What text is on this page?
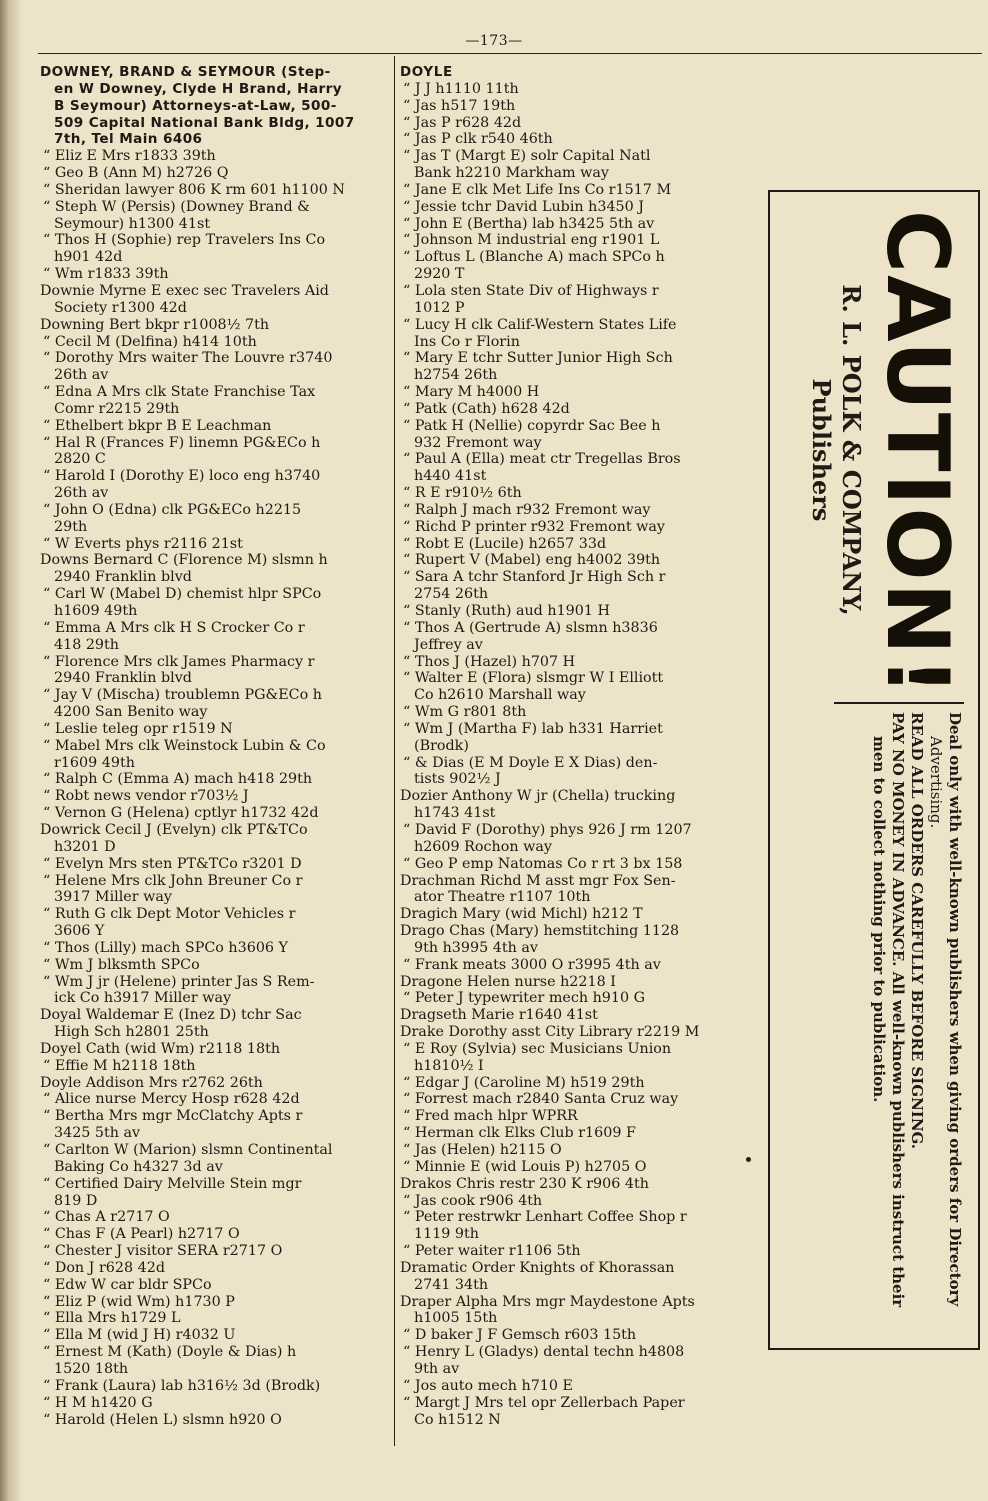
—173—
DOWNEY, BRAND & SEYMOUR (Step-
en W Downey, Clyde H Brand, Harry
B Seymour) Attorneys-at-Law, 500-
509 Capital National Bank Bldg, 1007
7th, Tel Main 6406
“ Eliz E Mrs r1833 39th
“ Geo B (Ann M) h2726 Q
“ Sheridan lawyer 806 K rm 601 h1100 N
“ Steph W (Persis) (Downey Brand &
Seymour) h1300 41st
“ Thos H (Sophie) rep Travelers Ins Co
h901 42d
“ Wm r1833 39th
Downie Myrne E exec sec Travelers Aid
Society r1300 42d
Downing Bert bkpr r1008½ 7th
“ Cecil M (Delfina) h414 10th
“ Dorothy Mrs waiter The Louvre r3740
26th av
“ Edna A Mrs clk State Franchise Tax
Comr r2215 29th
“ Ethelbert bkpr B E Leachman
“ Hal R (Frances F) linemn PG&ECo h
2820 C
“ Harold I (Dorothy E) loco eng h3740
26th av
“ John O (Edna) clk PG&ECo h2215
29th
“ W Everts phys r2116 21st
Downs Bernard C (Florence M) slsmn h
2940 Franklin blvd
“ Carl W (Mabel D) chemist hlpr SPCo
h1609 49th
“ Emma A Mrs clk H S Crocker Co r
418 29th
“ Florence Mrs clk James Pharmacy r
2940 Franklin blvd
“ Jay V (Mischa) troublemn PG&ECo h
4200 San Benito way
“ Leslie teleg opr r1519 N
“ Mabel Mrs clk Weinstock Lubin & Co
r1609 49th
“ Ralph C (Emma A) mach h418 29th
“ Robt news vendor r703½ J
“ Vernon G (Helena) cptlyr h1732 42d
Dowrick Cecil J (Evelyn) clk PT&TCo
h3201 D
“ Evelyn Mrs sten PT&TCo r3201 D
“ Helene Mrs clk John Breuner Co r
3917 Miller way
“ Ruth G clk Dept Motor Vehicles r
3606 Y
“ Thos (Lilly) mach SPCo h3606 Y
“ Wm J blksmth SPCo
“ Wm J jr (Helene) printer Jas S Rem-
ick Co h3917 Miller way
Doyal Waldemar E (Inez D) tchr Sac
High Sch h2801 25th
Doyel Cath (wid Wm) r2118 18th
“ Effie M h2118 18th
Doyle Addison Mrs r2762 26th
“ Alice nurse Mercy Hosp r628 42d
“ Bertha Mrs mgr McClatchy Apts r
3425 5th av
“ Carlton W (Marion) slsmn Continental
Baking Co h4327 3d av
“ Certified Dairy Melville Stein mgr
819 D
“ Chas A r2717 O
“ Chas F (A Pearl) h2717 O
“ Chester J visitor SERA r2717 O
“ Don J r628 42d
“ Edw W car bldr SPCo
“ Eliz P (wid Wm) h1730 P
“ Ella Mrs h1729 L
“ Ella M (wid J H) r4032 U
“ Ernest M (Kath) (Doyle & Dias) h
1520 18th
“ Frank (Laura) lab h316½ 3d (Brodk)
“ H M h1420 G
“ Harold (Helen L) slsmn h920 O
DOYLE
“ J J h1110 11th
“ Jas h517 19th
“ Jas P r628 42d
“ Jas P clk r540 46th
“ Jas T (Margt E) solr Capital Natl
Bank h2210 Markham way
“ Jane E clk Met Life Ins Co r1517 M
“ Jessie tchr David Lubin h3450 J
“ John E (Bertha) lab h3425 5th av
“ Johnson M industrial eng r1901 L
“ Loftus L (Blanche A) mach SPCo h
2920 T
“ Lola sten State Div of Highways r
1012 P
“ Lucy H clk Calif-Western States Life
Ins Co r Florin
“ Mary E tchr Sutter Junior High Sch
h2754 26th
“ Mary M h4000 H
“ Patk (Cath) h628 42d
“ Patk H (Nellie) copyrdr Sac Bee h
932 Fremont way
“ Paul A (Ella) meat ctr Tregellas Bros
h440 41st
“ R E r910½ 6th
“ Ralph J mach r932 Fremont way
“ Richd P printer r932 Fremont way
“ Robt E (Lucile) h2657 33d
“ Rupert V (Mabel) eng h4002 39th
“ Sara A tchr Stanford Jr High Sch r
2754 26th
“ Stanly (Ruth) aud h1901 H
“ Thos A (Gertrude A) slsmn h3836
Jeffrey av
“ Thos J (Hazel) h707 H
“ Walter E (Flora) slsmgr W I Elliott
Co h2610 Marshall way
“ Wm G r801 8th
“ Wm J (Martha F) lab h331 Harriet
(Brodk)
“ & Dias (E M Doyle E X Dias) den-
tists 902½ J
Dozier Anthony W jr (Chella) trucking
h1743 41st
“ David F (Dorothy) phys 926 J rm 1207
h2609 Rochon way
“ Geo P emp Natomas Co r rt 3 bx 158
Drachman Richd M asst mgr Fox Sen-
ator Theatre r1107 10th
Dragich Mary (wid Michl) h212 T
Drago Chas (Mary) hemstitching 1128
9th h3995 4th av
“ Frank meats 3000 O r3995 4th av
Dragone Helen nurse h2218 I
“ Peter J typewriter mech h910 G
Dragseth Marie r1640 41st
Drake Dorothy asst City Library r2219 M
“ E Roy (Sylvia) sec Musicians Union
h1810½ I
“ Edgar J (Caroline M) h519 29th
“ Forrest mach r2840 Santa Cruz way
“ Fred mach hlpr WPRR
“ Herman clk Elks Club r1609 F
“ Jas (Helen) h2115 O
“ Minnie E (wid Louis P) h2705 O
Drakos Chris restr 230 K r906 4th
“ Jas cook r906 4th
“ Peter restrwkr Lenhart Coffee Shop r
1119 9th
“ Peter waiter r1106 5th
Dramatic Order Knights of Khorassan
2741 34th
Draper Alpha Mrs mgr Maydestone Apts
h1005 15th
“ D baker J F Gemsch r603 15th
“ Henry L (Gladys) dental techn h4808
9th av
“ Jos auto mech h710 E
“ Margt J Mrs tel opr Zellerbach Paper
Co h1512 N
CAUTION!
R. L. POLK & COMPANY, Publishers
Deal only with well-known publishers when giving orders for Directory
Advertising.
READ ALL ORDERS CAREFULLY BEFORE SIGNING.
PAY NO MONEY IN ADVANCE. All well-known publishers instruct their
men to collect nothing prior to publication.
